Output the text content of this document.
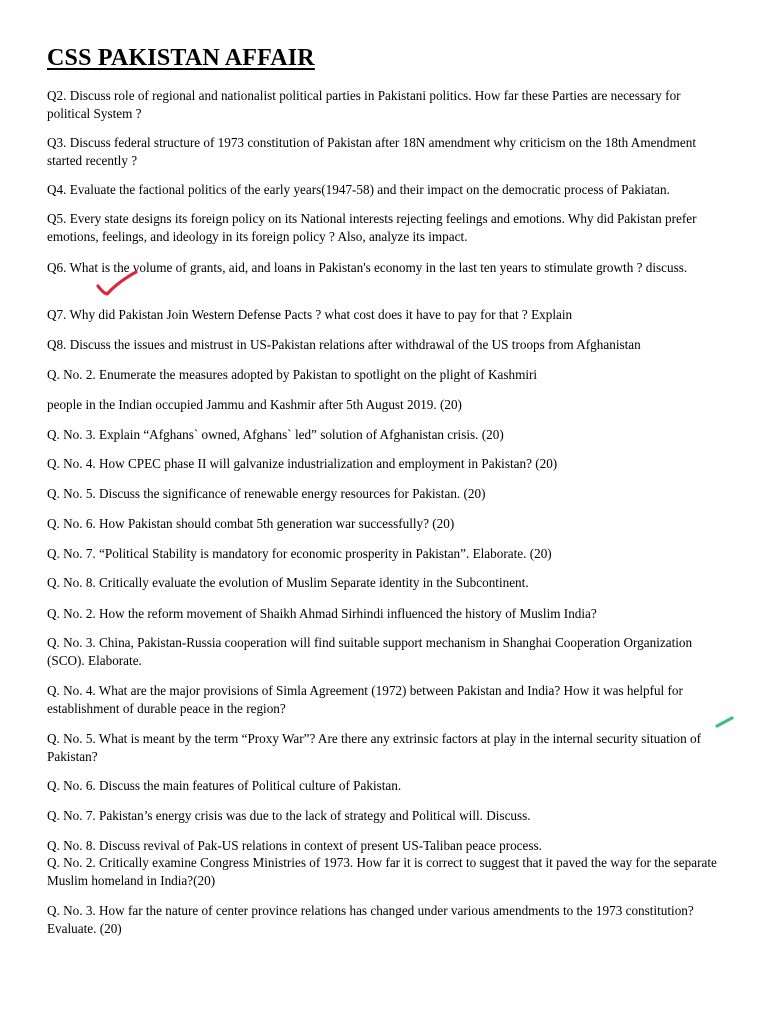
CSS PAKISTAN AFFAIR

Q2. Discuss role of regional and nationalist political parties in Pakistani politics. How far these Parties are necessary for political System ?

Q3. Discuss federal structure of 1973 constitution of Pakistan after 18N amendment why criticism on the 18th Amendment started recently ?

Q4. Evaluate the factional politics of the early years(1947-58) and their impact on the democratic process of Pakiatan.

Q5. Every state designs its foreign policy on its National interests rejecting feelings and emotions. Why did Pakistan prefer emotions, feelings, and ideology in its foreign policy ? Also, analyze its impact.

Q6. What is the volume of grants, aid, and loans in Pakistan's economy in the last ten years to stimulate growth ? discuss.

Q7. Why did Pakistan Join Western Defense Pacts ? what cost does it have to pay for that ? Explain

Q8. Discuss the issues and mistrust in US-Pakistan relations after withdrawal of the US troops from Afghanistan

Q. No. 2. Enumerate the measures adopted by Pakistan to spotlight on the plight of Kashmiri

people in the Indian occupied Jammu and Kashmir after 5th August 2019. (20)

Q. No. 3. Explain “Afghans` owned, Afghans` led” solution of Afghanistan crisis. (20)

Q. No. 4. How CPEC phase II will galvanize industrialization and employment in Pakistan? (20)

Q. No. 5. Discuss the significance of renewable energy resources for Pakistan. (20)

Q. No. 6. How Pakistan should combat 5th generation war successfully? (20)

Q. No. 7. “Political Stability is mandatory for economic prosperity in Pakistan”. Elaborate. (20)

Q. No. 8. Critically evaluate the evolution of Muslim Separate identity in the Subcontinent.

Q. No. 2. How the reform movement of Shaikh Ahmad Sirhindi influenced the history of Muslim India?

Q. No. 3. China, Pakistan-Russia cooperation will find suitable support mechanism in Shanghai Cooperation Organization (SCO). Elaborate.

Q. No. 4. What are the major provisions of Simla Agreement (1972) between Pakistan and India? How it was helpful for establishment of durable peace in the region?

Q. No. 5. What is meant by the term “Proxy War”? Are there any extrinsic factors at play in the internal security situation of Pakistan?

Q. No. 6. Discuss the main features of Political culture of Pakistan.

Q. No. 7. Pakistan’s energy crisis was due to the lack of strategy and Political will. Discuss.

Q. No. 8. Discuss revival of Pak-US relations in context of present US-Taliban peace process.

Q. No. 2. Critically examine Congress Ministries of 1973. How far it is correct to suggest that it paved the way for the separate Muslim homeland in India?(20)

Q. No. 3. How far the nature of center province relations has changed under various amendments to the 1973 constitution? Evaluate. (20)
